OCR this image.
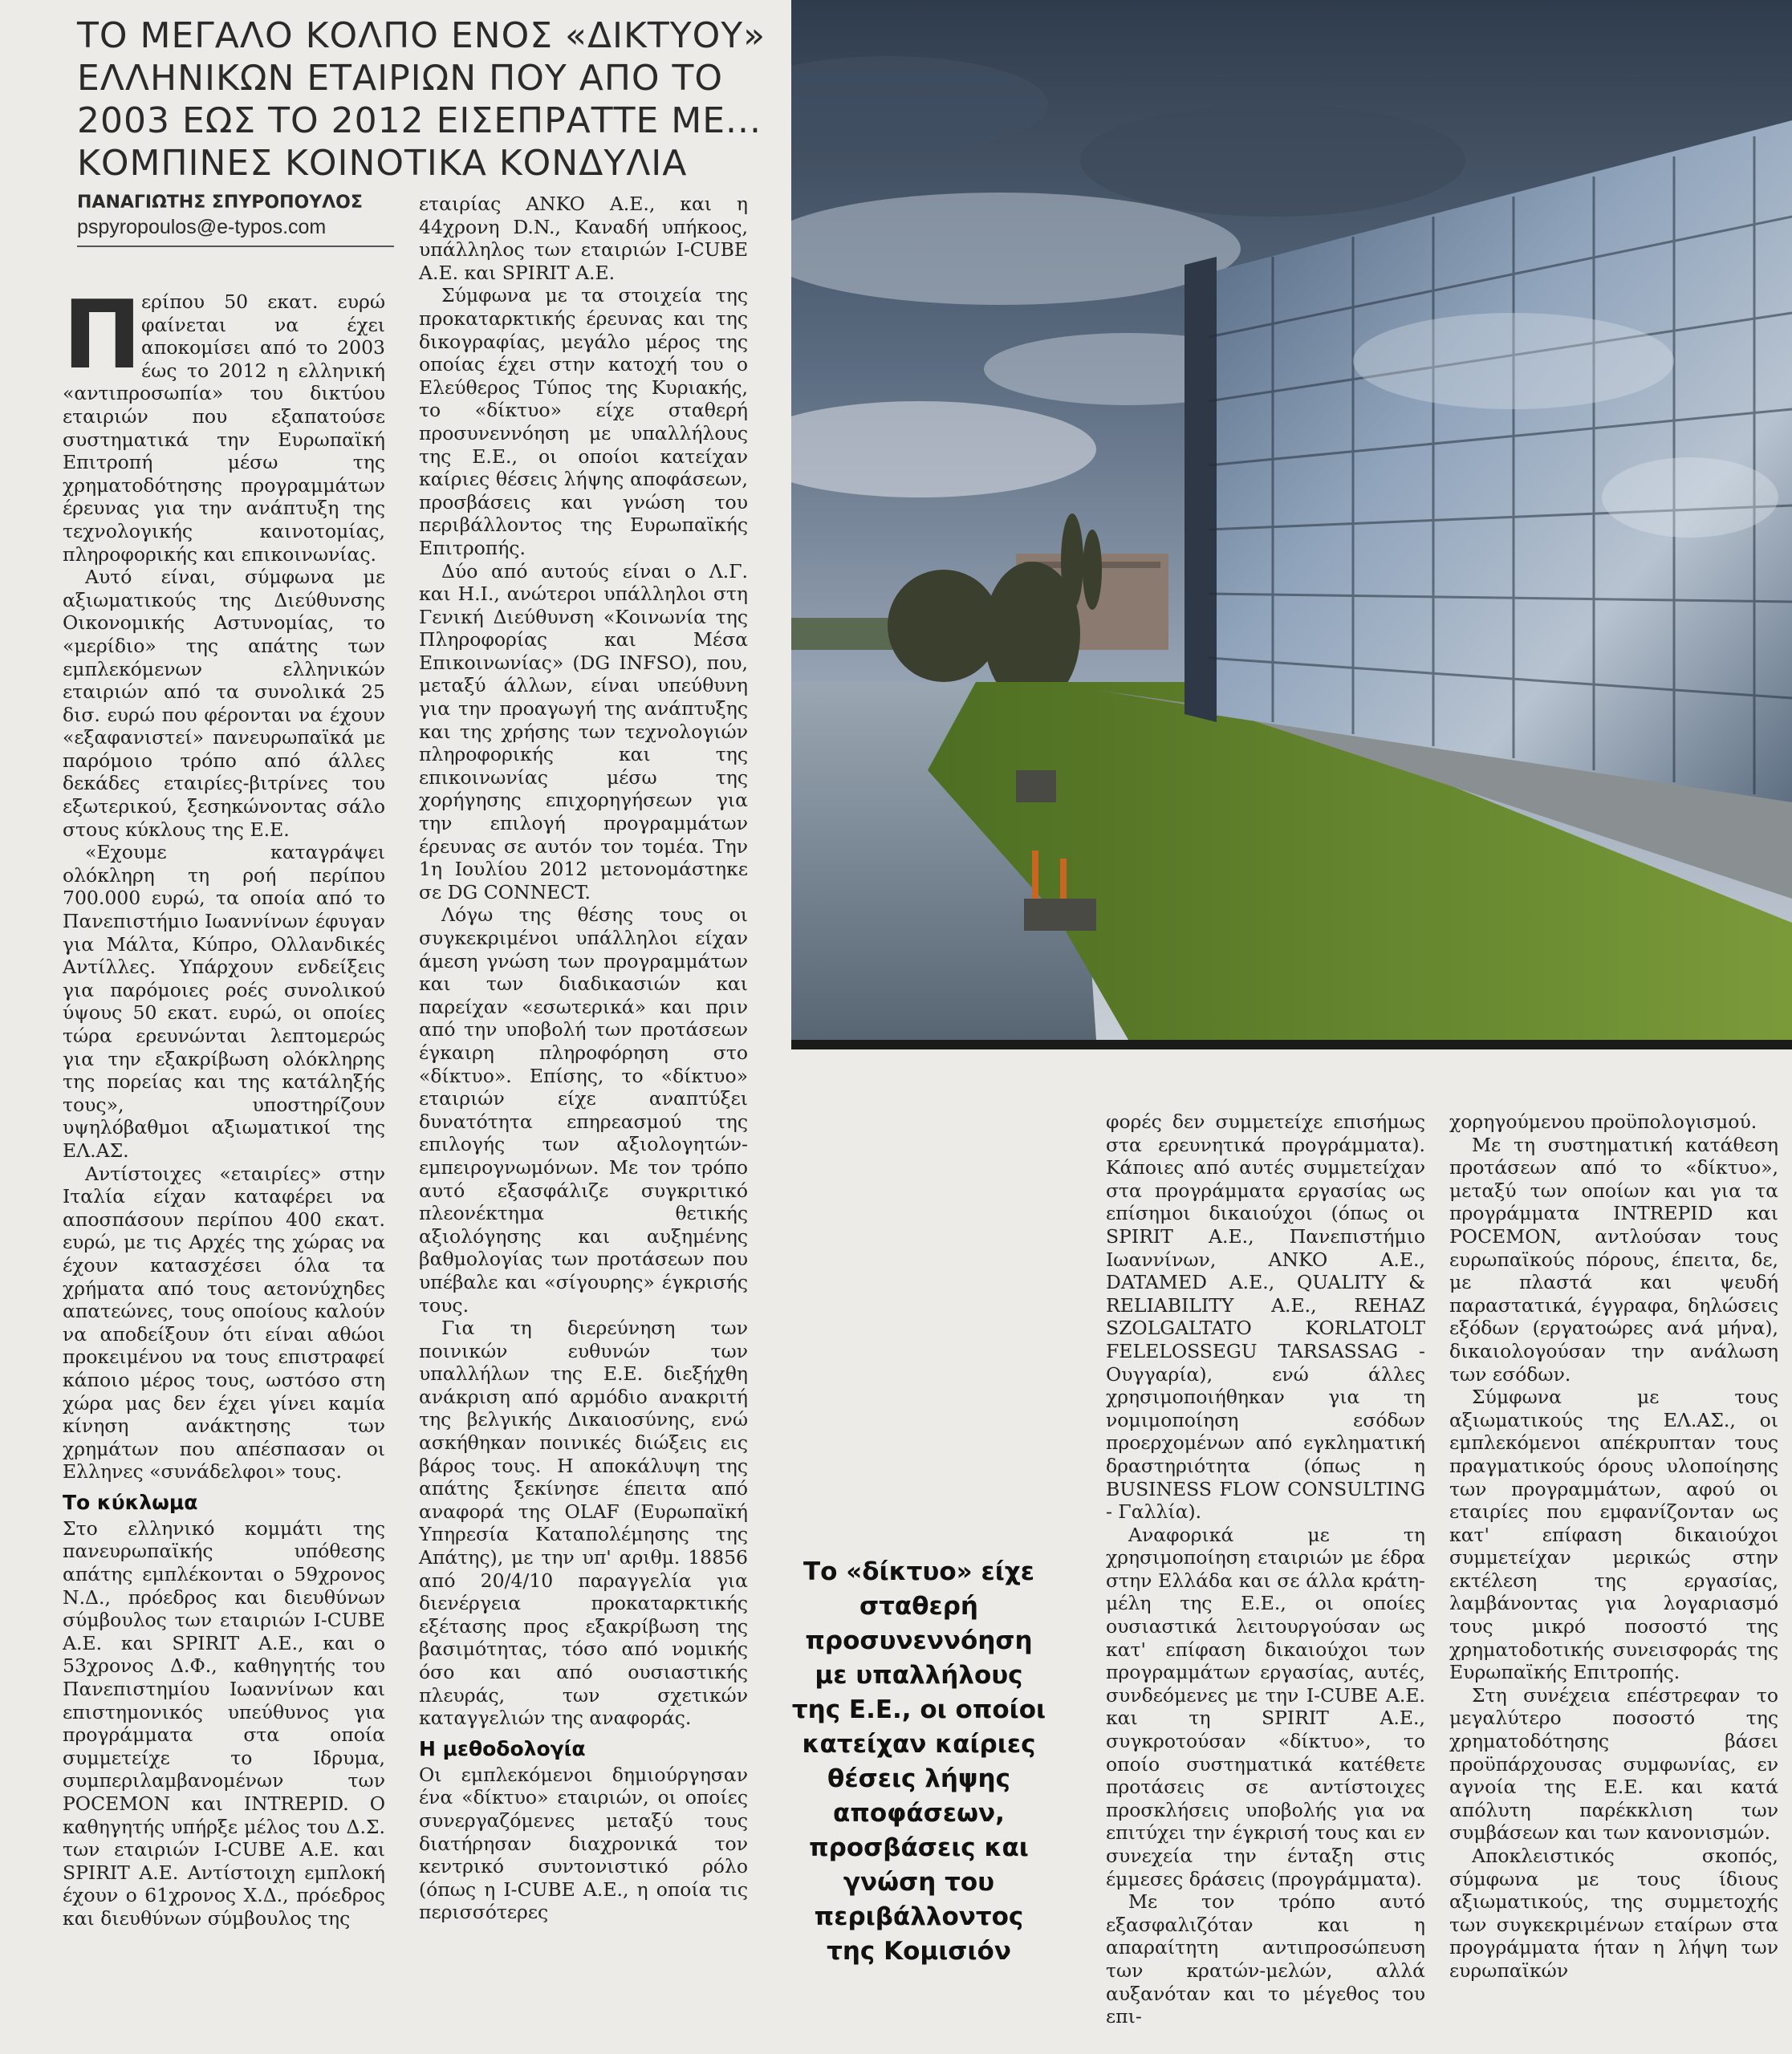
ΤΟ ΜΕΓΑΛΟ ΚΟΛΠΟ ΕΝΟΣ «ΔΙΚΤΥΟΥ» ΕΛΛΗΝΙΚΩΝ ΕΤΑΙΡΙΩΝ ΠΟΥ ΑΠΟ ΤΟ 2003 ΕΩΣ ΤΟ 2012 ΕΙΣΕΠΡΑΤΤΕ ΜΕ... ΚΟΜΠΙΝΕΣ ΚΟΙΝΟΤΙΚΑ ΚΟΝΔΥΛΙΑ
ΠΑΝΑΓΙΩΤΗΣ ΣΠΥΡΟΠΟΥΛΟΣ
pspyropoulos@e-typos.com
Π ερίπου 50 εκατ. ευρώ φαίνεται να έχει αποκομίσει από το 2003 έως το 2012 η ελληνική «αντιπροσωπία» του δικτύου εταιριών που εξαπατούσε συστηματικά την Ευρωπαϊκή Επιτροπή μέσω της χρηματοδότησης προγραμμάτων έρευνας για την ανάπτυξη της τεχνολογικής καινοτομίας, πληροφορικής και επικοινωνίας.

Αυτό είναι, σύμφωνα με αξιωματικούς της Διεύθυνσης Οικονομικής Αστυνομίας, το «μερίδιο» της απάτης των εμπλεκόμενων ελληνικών εταιριών από τα συνολικά 25 δισ. ευρώ που φέρονται να έχουν «εξαφανιστεί» πανευρωπαϊκά με παρόμοιο τρόπο από άλλες δεκάδες εταιρίες-βιτρίνες του εξωτερικού, ξεσηκώνοντας σάλο στους κύκλους της Ε.Ε.

«Εχουμε καταγράψει ολόκληρη τη ροή περίπου 700.000 ευρώ, τα οποία από το Πανεπιστήμιο Ιωαννίνων έφυγαν για Μάλτα, Κύπρο, Ολλανδικές Αντίλλες. Υπάρχουν ενδείξεις για παρόμοιες ροές συνολικού ύψους 50 εκατ. ευρώ, οι οποίες τώρα ερευνώνται λεπτομερώς για την εξακρίβωση ολόκληρης της πορείας και της κατάληξής τους», υποστηρίζουν υψηλόβαθμοι αξιωματικοί της ΕΛ.ΑΣ.

Αντίστοιχες «εταιρίες» στην Ιταλία είχαν καταφέρει να αποσπάσουν περίπου 400 εκατ. ευρώ, με τις Αρχές της χώρας να έχουν κατασχέσει όλα τα χρήματα από τους αετονύχηδες απατεώνες, τους οποίους καλούν να αποδείξουν ότι είναι αθώοι προκειμένου να τους επιστραφεί κάποιο μέρος τους, ωστόσο στη χώρα μας δεν έχει γίνει καμία κίνηση ανάκτησης των χρημάτων που απέσπασαν οι Ελληνες «συνάδελφοι» τους.

Το κύκλωμα

Στο ελληνικό κομμάτι της πανευρωπαϊκής υπόθεσης απάτης εμπλέκονται ο 59χρονος Ν.Δ., πρόεδρος και διευθύνων σύμβουλος των εταιριών I-CUBE A.E. και SPIRIT A.E., και ο 53χρονος Δ.Φ., καθηγητής του Πανεπιστημίου Ιωαννίνων και επιστημονικός υπεύθυνος για προγράμματα στα οποία συμμετείχε το Ιδρυμα, συμπεριλαμβανομένων των POCEMON και INTREPID. Ο καθηγητής υπήρξε μέλος του Δ.Σ. των εταιριών I-CUBE A.E. και SPIRIT A.E. Αντίστοιχη εμπλοκή έχουν ο 61χρονος Χ.Δ., πρόεδρος και διευθύνων σύμβουλος της

εταιρίας ANKO A.E., και η 44χρονη D.N., Καναδή υπήκοος, υπάλληλος των εταιριών I-CUBE A.E. και SPIRIT A.E.

Σύμφωνα με τα στοιχεία της προκαταρκτικής έρευνας και της δικογραφίας, μεγάλο μέρος της οποίας έχει στην κατοχή του ο Ελεύθερος Τύπος της Κυριακής, το «δίκτυο» είχε σταθερή προσυνεννόηση με υπαλλήλους της Ε.Ε., οι οποίοι κατείχαν καίριες θέσεις λήψης αποφάσεων, προσβάσεις και γνώση του περιβάλλοντος της Ευρωπαϊκής Επιτροπής.

Δύο από αυτούς είναι ο Λ.Γ. και Η.Ι., ανώτεροι υπάλληλοι στη Γενική Διεύθυνση «Κοινωνία της Πληροφορίας και Μέσα Επικοινωνίας» (DG INFSO), που, μεταξύ άλλων, είναι υπεύθυνη για την προαγωγή της ανάπτυξης και της χρήσης των τεχνολογιών πληροφορικής και της επικοινωνίας μέσω της χορήγησης επιχορηγήσεων για την επιλογή προγραμμάτων έρευνας σε αυτόν τον τομέα. Την 1η Ιουλίου 2012 μετονομάστηκε σε DG CONNECT.

Λόγω της θέσης τους οι συγκεκριμένοι υπάλληλοι είχαν άμεση γνώση των προγραμμάτων και των διαδικασιών και παρείχαν «εσωτερικά» και πριν από την υποβολή των προτάσεων έγκαιρη πληροφόρηση στο «δίκτυο». Επίσης, το «δίκτυο» εταιριών είχε αναπτύξει δυνατότητα επηρεασμού της επιλογής των αξιολογητών-εμπειρογνωμόνων. Με τον τρόπο αυτό εξασφάλιζε συγκριτικό πλεονέκτημα θετικής αξιολόγησης και αυξημένης βαθμολογίας των προτάσεων που υπέβαλε και «σίγουρης» έγκρισής τους.

Για τη διερεύνηση των ποινικών ευθυνών των υπαλλήλων της Ε.Ε. διεξήχθη ανάκριση από αρμόδιο ανακριτή της βελγικής Δικαιοσύνης, ενώ ασκήθηκαν ποινικές διώξεις εις βάρος τους. Η αποκάλυψη της απάτης ξεκίνησε έπειτα από αναφορά της OLAF (Ευρωπαϊκή Υπηρεσία Καταπολέμησης της Απάτης), με την υπ' αριθμ. 18856 από 20/4/10 παραγγελία για διενέργεια προκαταρκτικής εξέτασης προς εξακρίβωση της βασιμότητας, τόσο από νομικής όσο και από ουσιαστικής πλευράς, των σχετικών καταγγελιών της αναφοράς.

Η μεθοδολογία

Οι εμπλεκόμενοι δημιούργησαν ένα «δίκτυο» εταιριών, οι οποίες συνεργαζόμενες μεταξύ τους διατήρησαν διαχρονικά τον κεντρικό συντονιστικό ρόλο (όπως η I-CUBE A.E., η οποία τις περισσότερες

Το «δίκτυο» είχε σταθερή προσυνεννόηση με υπαλλήλους της Ε.Ε., οι οποίοι κατείχαν καίριες θέσεις λήψης αποφάσεων, προσβάσεις και γνώση του περιβάλλοντος της Κομισιόν

φορές δεν συμμετείχε επισήμως στα ερευνητικά προγράμματα). Κάποιες από αυτές συμμετείχαν στα προγράμματα εργασίας ως επίσημοι δικαιούχοι (όπως οι SPIRIT A.E., Πανεπιστήμιο Ιωαννίνων, ANKO A.E., DATAMED A.E., QUALITY & RELIABILITY A.E., REHAZ SZOLGALTATO KORLATOLT FELELOSSEGU TARSASSAG - Ουγγαρία), ενώ άλλες χρησιμοποιήθηκαν για τη νομιμοποίηση εσόδων προερχομένων από εγκληματική δραστηριότητα (όπως η BUSINESS FLOW CONSULTING - Γαλλία).

Αναφορικά με τη χρησιμοποίηση εταιριών με έδρα στην Ελλάδα και σε άλλα κράτη-μέλη της Ε.Ε., οι οποίες ουσιαστικά λειτουργούσαν ως κατ' επίφαση δικαιούχοι των προγραμμάτων εργασίας, αυτές, συνδεόμενες με την I-CUBE A.E. και τη SPIRIT A.E., συγκροτούσαν «δίκτυο», το οποίο συστηματικά κατέθετε προτάσεις σε αντίστοιχες προσκλήσεις υποβολής για να επιτύχει την έγκρισή τους και εν συνεχεία την ένταξη στις έμμεσες δράσεις (προγράμματα).

Με τον τρόπο αυτό εξασφαλιζόταν και η απαραίτητη αντιπροσώπευση των κρατών-μελών, αλλά αυξανόταν και το μέγεθος του επι-

χορηγούμενου προϋπολογισμού.

Με τη συστηματική κατάθεση προτάσεων από το «δίκτυο», μεταξύ των οποίων και για τα προγράμματα INTREPID και POCEMON, αντλούσαν τους ευρωπαϊκούς πόρους, έπειτα, δε, με πλαστά και ψευδή παραστατικά, έγγραφα, δηλώσεις εξόδων (εργατοώρες ανά μήνα), δικαιολογούσαν την ανάλωση των εσόδων.

Σύμφωνα με τους αξιωματικούς της ΕΛ.ΑΣ., οι εμπλεκόμενοι απέκρυπταν τους πραγματικούς όρους υλοποίησης των προγραμμάτων, αφού οι εταιρίες που εμφανίζονταν ως κατ' επίφαση δικαιούχοι συμμετείχαν μερικώς στην εκτέλεση της εργασίας, λαμβάνοντας για λογαριασμό τους μικρό ποσοστό της χρηματοδοτικής συνεισφοράς της Ευρωπαϊκής Επιτροπής.

Στη συνέχεια επέστρεφαν το μεγαλύτερο ποσοστό της χρηματοδότησης βάσει προϋπάρχουσας συμφωνίας, εν αγνοία της Ε.Ε. και κατά απόλυτη παρέκκλιση των συμβάσεων και των κανονισμών.

Αποκλειστικός σκοπός, σύμφωνα με τους ίδιους αξιωματικούς, της συμμετοχής των συγκεκριμένων εταίρων στα προγράμματα ήταν η λήψη των ευρωπαϊκών
